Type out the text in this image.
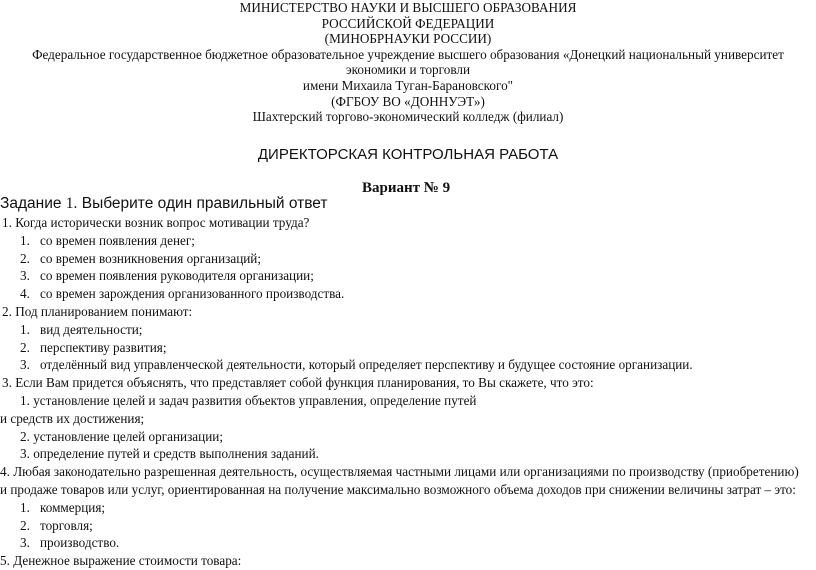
МИНИСТЕРСТВО НАУКИ И ВЫСШЕГО ОБРАЗОВАНИЯ
РОССИЙСКОЙ ФЕДЕРАЦИИ
(МИНОБРНАУКИ РОССИИ)
Федеральное государственное бюджетное образовательное учреждение высшего образования «Донецкий национальный университет
экономики и торговли
имени Михаила Туган-Барановского"
(ФГБОУ ВО «ДОННУЭТ»)
Шахтерский торгово-экономический колледж (филиал)
ДИРЕКТОРСКАЯ КОНТРОЛЬНАЯ РАБОТА
Вариант № 9
Задание 1. Выберите один правильный ответ
1. Когда исторически возник вопрос мотивации труда?
1. со времен появления денег;
2. со времен возникновения организаций;
3. со времен появления руководителя организации;
4. со времен зарождения организованного производства.
2. Под планированием понимают:
1. вид деятельности;
2. перспективу развития;
3. отделённый вид управленческой деятельности, который определяет перспективу и будущее состояние организации.
3. Если Вам придется объяснять, что представляет собой функция планирования, то Вы скажете, что это:
1. установление целей и задач развития объектов управления, определение путей
и средств их достижения;
2. установление целей организации;
3. определение путей и средств выполнения заданий.
4. Любая законодательно разрешенная деятельность, осуществляемая частными лицами или организациями по производству (приобретению)
и продаже товаров или услуг, ориентированная на получение максимально возможного объема доходов при снижении величины затрат – это:
1. коммерция;
2. торговля;
3. производство.
5. Денежное выражение стоимости товара:
